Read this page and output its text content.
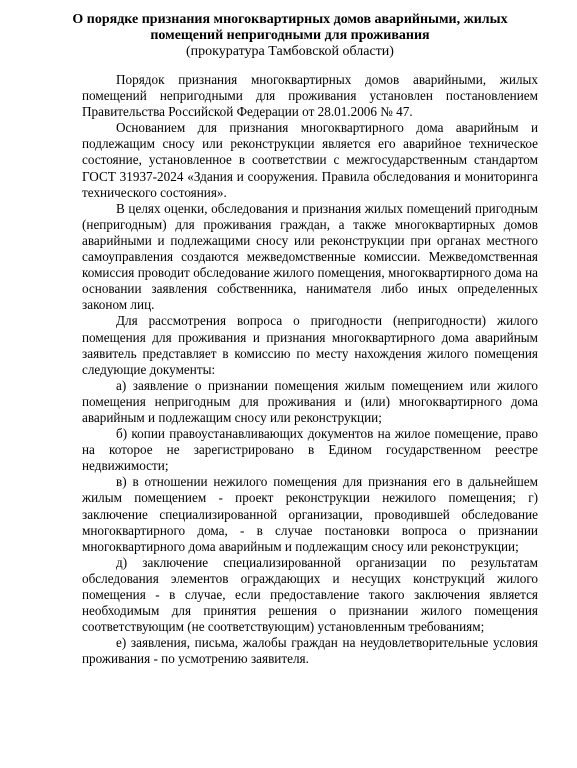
О порядке признания многоквартирных домов аварийными, жилых помещений непригодными для проживания

(прокуратура Тамбовской области)

Порядок признания многоквартирных домов аварийными, жилых помещений непригодными для проживания установлен постановлением Правительства Российской Федерации от 28.01.2006 № 47.

Основанием для признания многоквартирного дома аварийным и подлежащим сносу или реконструкции является его аварийное техническое состояние, установленное в соответствии с межгосударственным стандартом ГОСТ 31937-2024 «Здания и сооружения. Правила обследования и мониторинга технического состояния».

В целях оценки, обследования и признания жилых помещений пригодным (непригодным) для проживания граждан, а также многоквартирных домов аварийными и подлежащими сносу или реконструкции при органах местного самоуправления создаются межведомственные комиссии. Межведомственная комиссия проводит обследование жилого помещения, многоквартирного дома на основании заявления собственника, нанимателя либо иных определенных законом лиц.

Для рассмотрения вопроса о пригодности (непригодности) жилого помещения для проживания и признания многоквартирного дома аварийным заявитель представляет в комиссию по месту нахождения жилого помещения следующие документы:

а) заявление о признании помещения жилым помещением или жилого помещения непригодным для проживания и (или) многоквартирного дома аварийным и подлежащим сносу или реконструкции;

б) копии правоустанавливающих документов на жилое помещение, право на которое не зарегистрировано в Едином государственном реестре недвижимости;

в) в отношении нежилого помещения для признания его в дальнейшем жилым помещением - проект реконструкции нежилого помещения; г) заключение специализированной организации, проводившей обследование многоквартирного дома, - в случае постановки вопроса о признании многоквартирного дома аварийным и подлежащим сносу или реконструкции;

д) заключение специализированной организации по результатам обследования элементов ограждающих и несущих конструкций жилого помещения - в случае, если предоставление такого заключения является необходимым для принятия решения о признании жилого помещения соответствующим (не соответствующим) установленным требованиям;

е) заявления, письма, жалобы граждан на неудовлетворительные условия проживания - по усмотрению заявителя.
